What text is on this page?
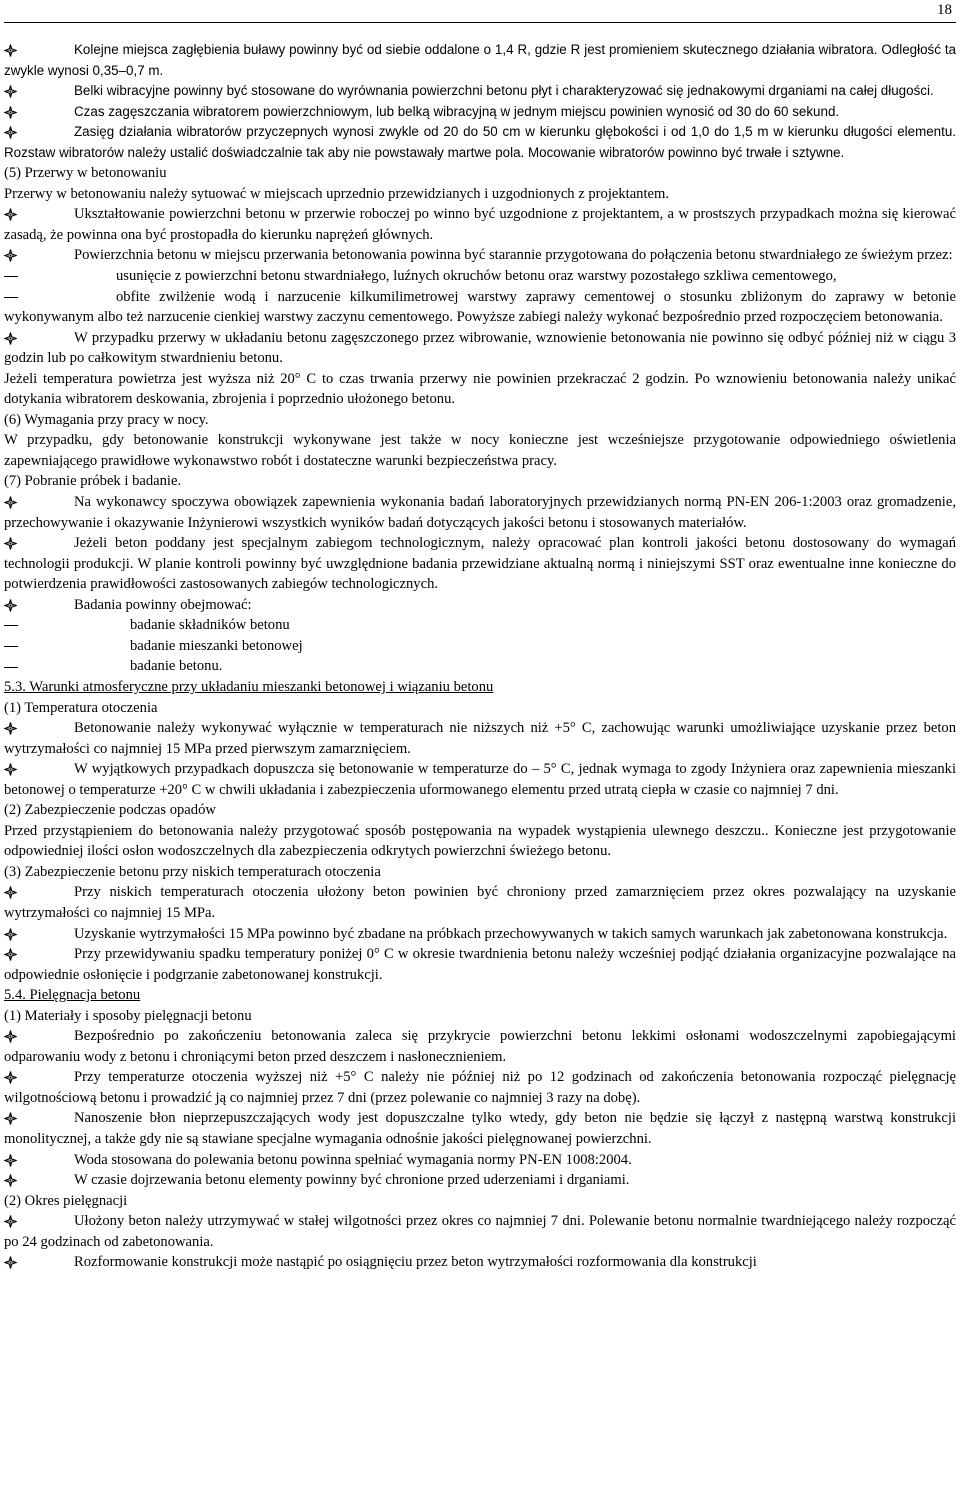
18

Kolejne miejsca zagłębienia buławy powinny być od siebie oddalone o 1,4 R, gdzie R jest promieniem skutecznego działania wibratora. Odległość ta zwykle wynosi 0,35–0,7 m.

Belki wibracyjne powinny być stosowane do wyrównania powierzchni betonu płyt i charakteryzować się jednakowymi drganiami na całej długości.

Czas zagęszczania wibratorem powierzchniowym, lub belką wibracyjną w jednym miejscu powinien wynosić od 30 do 60 sekund.

Zasięg działania wibratorów przyczepnych wynosi zwykle od 20 do 50 cm w kierunku głębokości i od 1,0 do 1,5 m w kierunku długości elementu. Rozstaw wibratorów należy ustalić doświadczalnie tak aby nie powstawały martwe pola. Mocowanie wibratorów powinno być trwałe i sztywne.

(5) Przerwy w betonowaniu

Przerwy w betonowaniu należy sytuować w miejscach uprzednio przewidzianych i uzgodnionych z projektantem.

Ukształtowanie powierzchni betonu w przerwie roboczej po winno być uzgodnione z projektantem, a w prostszych przypadkach można się kierować zasadą, że powinna ona być prostopadła do kierunku naprężeń głównych.

Powierzchnia betonu w miejscu przerwania betonowania powinna być starannie przygotowana do połączenia betonu stwardniałego ze świeżym przez:

usunięcie z powierzchni betonu stwardniałego, luźnych okruchów betonu oraz warstwy pozostałego szkliwa cementowego,

obfite zwilżenie wodą i narzucenie kilkumilimetrowej warstwy zaprawy cementowej o stosunku zbliżonym do zaprawy w betonie wykonywanym albo też narzucenie cienkiej warstwy zaczynu cementowego. Powyższe zabiegi należy wykonać bezpośrednio przed rozpoczęciem betonowania.

W przypadku przerwy w układaniu betonu zagęszczonego przez wibrowanie, wznowienie betonowania nie powinno się odbyć później niż w ciągu 3 godzin lub po całkowitym stwardnieniu betonu.

Jeżeli temperatura powietrza jest wyższa niż 20° C to czas trwania przerwy nie powinien przekraczać 2 godzin. Po wznowieniu betonowania należy unikać dotykania wibratorem deskowania, zbrojenia i poprzednio ułożonego betonu.

(6) Wymagania przy pracy w nocy.

W przypadku, gdy betonowanie konstrukcji wykonywane jest także w nocy konieczne jest wcześniejsze przygotowanie odpowiedniego oświetlenia zapewniającego prawidłowe wykonawstwo robót i dostateczne warunki bezpieczeństwa pracy.

(7) Pobranie próbek i badanie.

Na wykonawcy spoczywa obowiązek zapewnienia wykonania badań laboratoryjnych przewidzianych normą PN-EN 206-1:2003 oraz gromadzenie, przechowywanie i okazywanie Inżynierowi wszystkich wyników badań dotyczących jakości betonu i stosowanych materiałów.

Jeżeli beton poddany jest specjalnym zabiegom technologicznym, należy opracować plan kontroli jakości betonu dostosowany do wymagań technologii produkcji. W planie kontroli powinny być uwzględnione badania przewidziane aktualną normą i niniejszymi SST oraz ewentualne inne konieczne do potwierdzenia prawidłowości zastosowanych zabiegów technologicznych.

Badania powinny obejmować:

badanie składników betonu

badanie mieszanki betonowej

badanie betonu.

5.3. Warunki atmosferyczne przy układaniu mieszanki betonowej i wiązaniu betonu

(1) Temperatura otoczenia

Betonowanie należy wykonywać wyłącznie w temperaturach nie niższych niż +5° C, zachowując warunki umożliwiające uzyskanie przez beton wytrzymałości co najmniej 15 MPa przed pierwszym zamarznięciem.

W wyjątkowych przypadkach dopuszcza się betonowanie w temperaturze do – 5° C, jednak wymaga to zgody Inżyniera oraz zapewnienia mieszanki betonowej o temperaturze +20° C w chwili układania i zabezpieczenia uformowanego elementu przed utratą ciepła w czasie co najmniej 7 dni.

(2) Zabezpieczenie podczas opadów

Przed przystąpieniem do betonowania należy przygotować sposób postępowania na wypadek wystąpienia ulewnego deszczu.. Konieczne jest przygotowanie odpowiedniej ilości osłon wodoszczelnych dla zabezpieczenia odkrytych powierzchni świeżego betonu.

(3) Zabezpieczenie betonu przy niskich temperaturach otoczenia

Przy niskich temperaturach otoczenia ułożony beton powinien być chroniony przed zamarznięciem przez okres pozwalający na uzyskanie wytrzymałości co najmniej 15 MPa.

Uzyskanie wytrzymałości 15 MPa powinno być zbadane na próbkach przechowywanych w takich samych warunkach jak zabetonowana konstrukcja.

Przy przewidywaniu spadku temperatury poniżej 0° C w okresie twardnienia betonu należy wcześniej podjąć działania organizacyjne pozwalające na odpowiednie osłonięcie i podgrzanie zabetonowanej konstrukcji.

5.4. Pielęgnacja betonu

(1) Materiały i sposoby pielęgnacji betonu

Bezpośrednio po zakończeniu betonowania zaleca się przykrycie powierzchni betonu lekkimi osłonami wodoszczelnymi zapobiegającymi odparowaniu wody z betonu i chroniącymi beton przed deszczem i nasłonecznieniem.

Przy temperaturze otoczenia wyższej niż +5° C należy nie później niż po 12 godzinach od zakończenia betonowania rozpocząć pielęgnację wilgotnościową betonu i prowadzić ją co najmniej przez 7 dni (przez polewanie co najmniej 3 razy na dobę).

Nanoszenie błon nieprzepuszczających wody jest dopuszczalne tylko wtedy, gdy beton nie będzie się łączył z następną warstwą konstrukcji monolitycznej, a także gdy nie są stawiane specjalne wymagania odnośnie jakości pielęgnowanej powierzchni.

Woda stosowana do polewania betonu powinna spełniać wymagania normy PN-EN 1008:2004.

W czasie dojrzewania betonu elementy powinny być chronione przed uderzeniami i drganiami.

(2) Okres pielęgnacji

Ułożony beton należy utrzymywać w stałej wilgotności przez okres co najmniej 7 dni. Polewanie betonu normalnie twardniejącego należy rozpocząć po 24 godzinach od zabetonowania.

Rozformowanie konstrukcji może nastąpić po osiągnięciu przez beton wytrzymałości rozformowania dla konstrukcji
